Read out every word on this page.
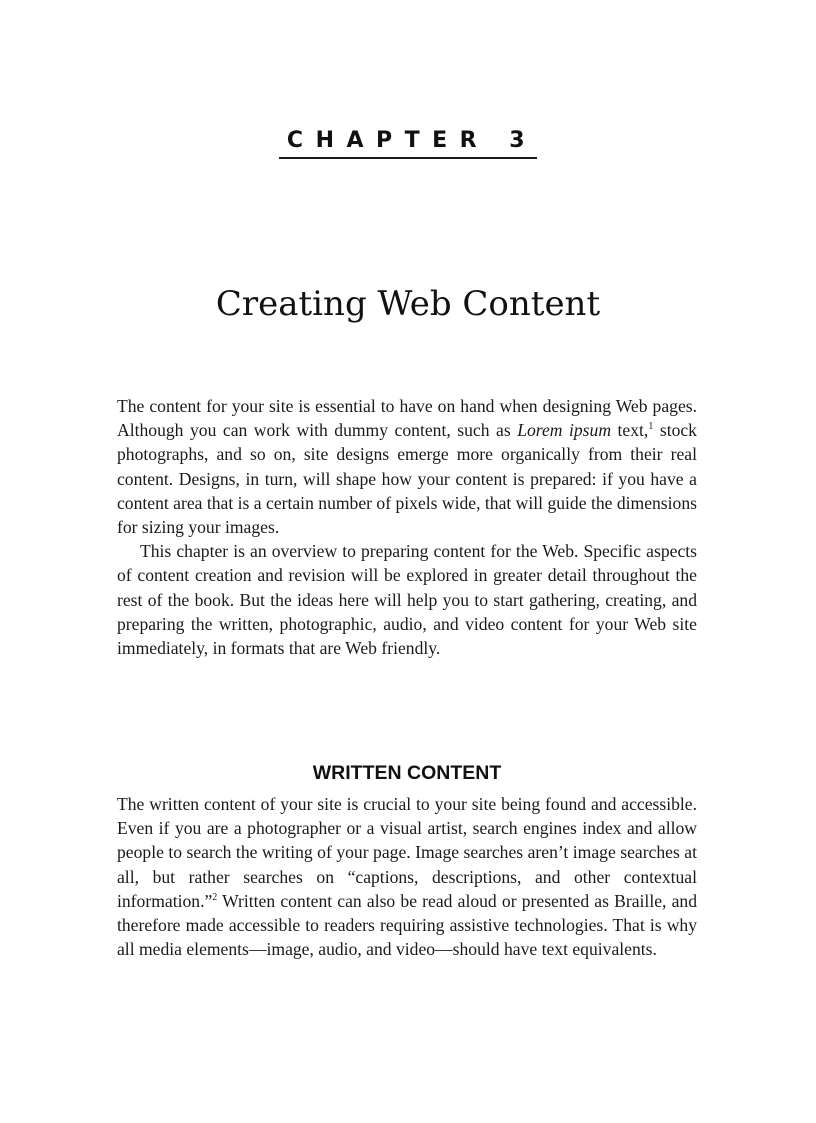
CHAPTER 3
Creating Web Content

The content for your site is essential to have on hand when designing Web pages. Although you can work with dummy content, such as Lorem ipsum text,$^1$ stock photographs, and so on, site designs emerge more organically from their real content. Designs, in turn, will shape how your content is prepared: if you have a content area that is a certain number of pixels wide, that will guide the dimensions for sizing your images.

This chapter is an overview to preparing content for the Web. Specific aspects of content creation and revision will be explored in greater detail throughout the rest of the book. But the ideas here will help you to start gathering, creating, and preparing the written, photographic, audio, and video content for your Web site immediately, in formats that are Web friendly.

WRITTEN CONTENT

The written content of your site is crucial to your site being found and accessible. Even if you are a photographer or a visual artist, search engines index and allow people to search the writing of your page. Image searches aren’t image searches at all, but rather searches on “captions, descriptions, and other contextual information.”$^2$ Written content can also be read aloud or presented as Braille, and therefore made accessible to readers requiring assistive technologies. That is why all media elements—image, audio, and video—should have text equivalents.
